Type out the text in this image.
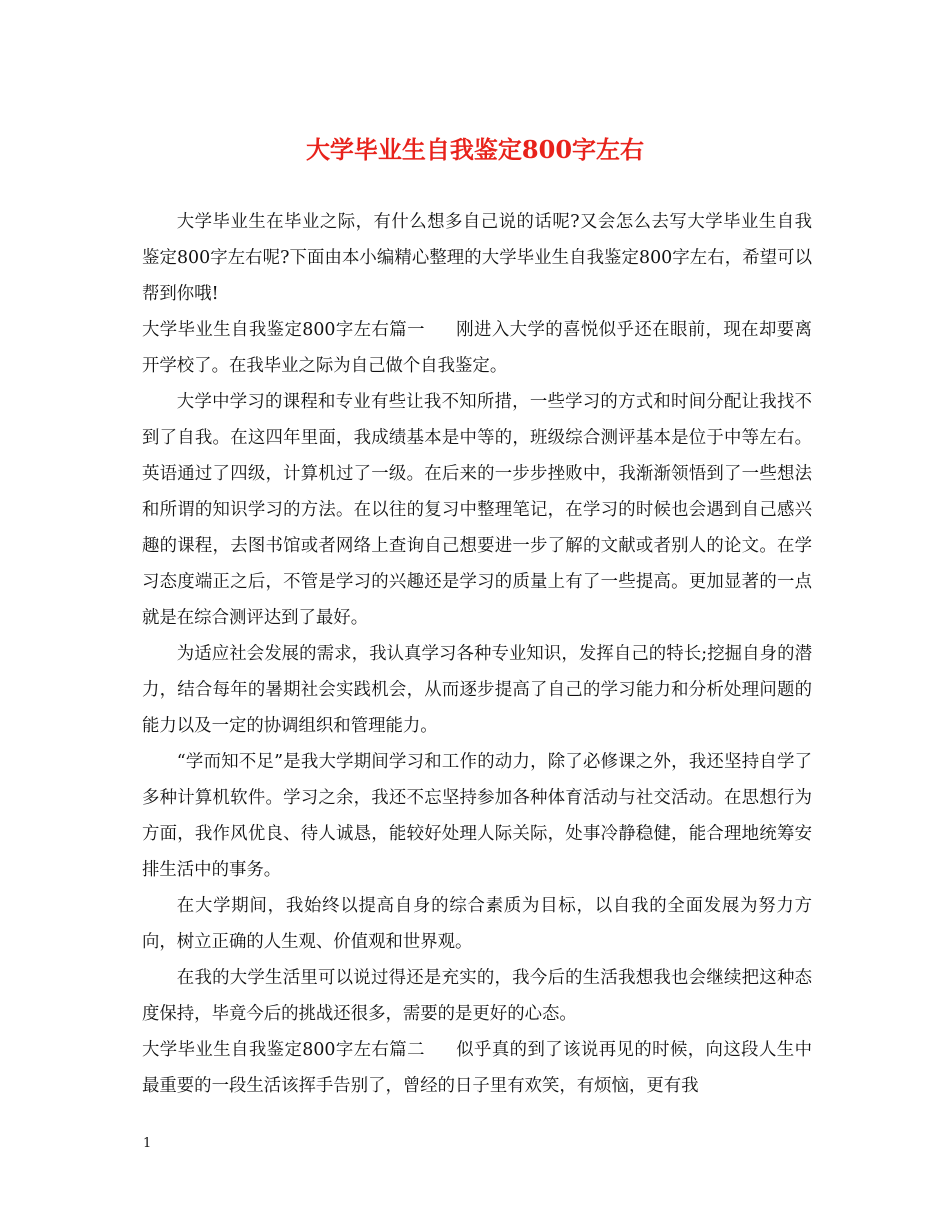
大学毕业生自我鉴定800字左右

大学毕业生在毕业之际，有什么想多自己说的话呢?又会怎么去写大学毕业生自我鉴定800字左右呢?下面由本小编精心整理的大学毕业生自我鉴定800字左右，希望可以帮到你哦!

大学毕业生自我鉴定800字左右篇一 刚进入大学的喜悦似乎还在眼前，现在却要离开学校了。在我毕业之际为自己做个自我鉴定。

大学中学习的课程和专业有些让我不知所措，一些学习的方式和时间分配让我找不到了自我。在这四年里面，我成绩基本是中等的，班级综合测评基本是位于中等左右。英语通过了四级，计算机过了一级。在后来的一步步挫败中，我渐渐领悟到了一些想法和所谓的知识学习的方法。在以往的复习中整理笔记，在学习的时候也会遇到自己感兴趣的课程，去图书馆或者网络上查询自己想要进一步了解的文献或者别人的论文。在学习态度端正之后，不管是学习的兴趣还是学习的质量上有了一些提高。更加显著的一点就是在综合测评达到了最好。

为适应社会发展的需求，我认真学习各种专业知识，发挥自己的特长;挖掘自身的潜力，结合每年的暑期社会实践机会，从而逐步提高了自己的学习能力和分析处理问题的能力以及一定的协调组织和管理能力。

“学而知不足”是我大学期间学习和工作的动力，除了必修课之外，我还坚持自学了多种计算机软件。学习之余，我还不忘坚持参加各种体育活动与社交活动。在思想行为方面，我作风优良、待人诚恳，能较好处理人际关际，处事冷静稳健，能合理地统筹安排生活中的事务。

在大学期间，我始终以提高自身的综合素质为目标，以自我的全面发展为努力方向，树立正确的人生观、价值观和世界观。

在我的大学生活里可以说过得还是充实的，我今后的生活我想我也会继续把这种态度保持，毕竟今后的挑战还很多，需要的是更好的心态。

大学毕业生自我鉴定800字左右篇二 似乎真的到了该说再见的时候，向这段人生中最重要的一段生活该挥手告别了，曾经的日子里有欢笑，有烦恼，更有我

1
